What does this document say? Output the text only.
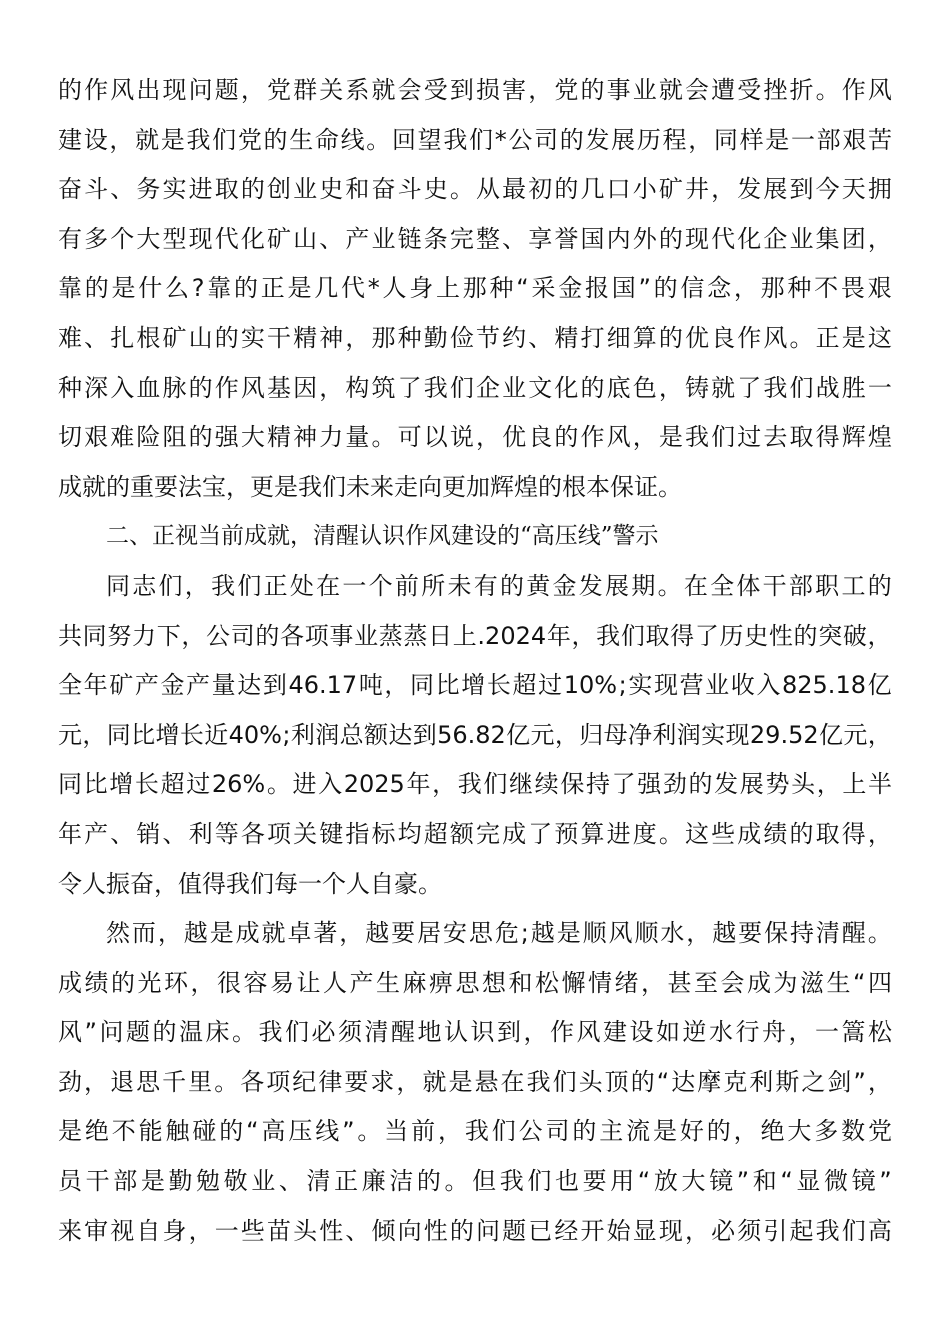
的 作 风 出 现 问 题 ， 党 群 关 系 就 会 受 到 损 害 ， 党 的 事 业 就 会 遭 受 挫 折 。 作 风
建 设 ， 就 是 我 们 党 的 生 命 线 。 回 望 我 们 * 公 司 的 发 展 历 程 ， 同 样 是 一 部 艰 苦
奋 斗 、 务 实 进 取 的 创 业 史 和 奋 斗 史 。 从 最 初 的 几 口 小 矿 井 ， 发 展 到 今 天 拥
有 多 个 大 型 现 代 化 矿 山 、 产 业 链 条 完 整 、 享 誉 国 内 外 的 现 代 化 企 业 集 团 ，
靠 的 是 什 么 ? 靠 的 正 是 几 代 * 人 身 上 那 种 “ 采 金 报 国 ” 的 信 念 ， 那 种 不 畏 艰
难 、 扎 根 矿 山 的 实 干 精 神 ， 那 种 勤 俭 节 约 、 精 打 细 算 的 优 良 作 风 。 正 是 这
种 深 入 血 脉 的 作 风 基 因 ， 构 筑 了 我 们 企 业 文 化 的 底 色 ， 铸 就 了 我 们 战 胜 一
切 艰 难 险 阻 的 强 大 精 神 力 量 。 可 以 说 ， 优 良 的 作 风 ， 是 我 们 过 去 取 得 辉 煌
成 就 的 重 要 法 宝 ， 更 是 我 们 未 来 走 向 更 加 辉 煌 的 根 本 保 证 。
二、正视当前成就，清醒认识作风建设的“高压线”警示
同 志 们 ， 我 们 正 处 在 一 个 前 所 未 有 的 黄 金 发 展 期 。 在 全 体 干 部 职 工 的
共 同 努 力 下 ， 公 司 的 各 项 事 业 蒸 蒸 日 上 .2024 年 ， 我 们 取 得 了 历 史 性 的 突 破 ，
全 年 矿 产 金 产 量 达 到 46.17 吨 ， 同 比 增 长 超 过 10% ; 实 现 营 业 收 入 825.18 亿
元 ， 同 比 增 长 近 40% ; 利 润 总 额 达 到 56.82 亿 元 ， 归 母 净 利 润 实 现 29.52 亿 元 ，
同 比 增 长 超 过 26% 。 进 入 2025 年 ， 我 们 继 续 保 持 了 强 劲 的 发 展 势 头 ， 上 半
年 产 、 销 、 利 等 各 项 关 键 指 标 均 超 额 完 成 了 预 算 进 度 。 这 些 成 绩 的 取 得 ，
令 人 振 奋 ， 值 得 我 们 每 一 个 人 自 豪 。
然 而 ， 越 是 成 就 卓 著 ， 越 要 居 安 思 危 ; 越 是 顺 风 顺 水 ， 越 要 保 持 清 醒 。
成 绩 的 光 环 ， 很 容 易 让 人 产 生 麻 痹 思 想 和 松 懈 情 绪 ， 甚 至 会 成 为 滋 生 “ 四
风 ” 问 题 的 温 床 。 我 们 必 须 清 醒 地 认 识 到 ， 作 风 建 设 如 逆 水 行 舟 ， 一 篙 松
劲 ， 退 思 千 里 。 各 项 纪 律 要 求 ， 就 是 悬 在 我 们 头 顶 的 “ 达 摩 克 利 斯 之 剑 ” ，
是 绝 不 能 触 碰 的 “ 高 压 线 ” 。 当 前 ， 我 们 公 司 的 主 流 是 好 的 ， 绝 大 多 数 党
员 干 部 是 勤 勉 敬 业 、 清 正 廉 洁 的 。 但 我 们 也 要 用 “ 放 大 镜 ” 和 “ 显 微 镜 ”
来 审 视 自 身 ， 一 些 苗 头 性 、 倾 向 性 的 问 题 已 经 开 始 显 现 ， 必 须 引 起 我 们 高
